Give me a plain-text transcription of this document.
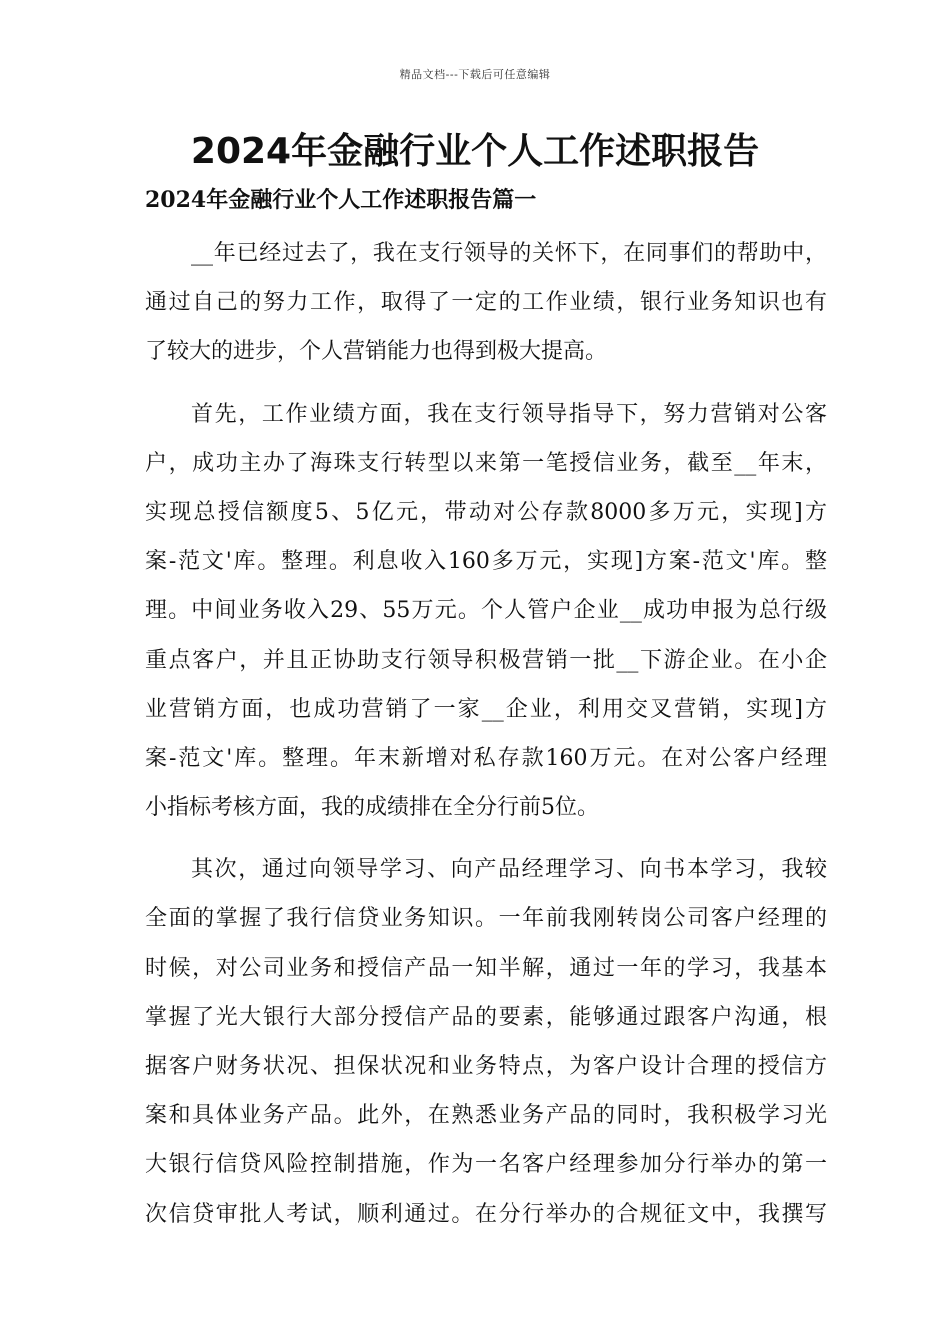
精品文档---下载后可任意编辑
2024年金融行业个人工作述职报告
2024年金融行业个人工作述职报告篇一

__年已经过去了，我在支行领导的关怀下，在同事们的帮助中，
通过自己的努力工作，取得了一定的工作业绩，银行业务知识也有
了较大的进步，个人营销能力也得到极大提高。

首先，工作业绩方面，我在支行领导指导下，努力营销对公客
户，成功主办了海珠支行转型以来第一笔授信业务，截至__年末，
实现总授信额度5、5亿元，带动对公存款8000多万元，实现]方
案-范文'库。整理。利息收入160多万元，实现]方案-范文'库。整
理。中间业务收入29、55万元。个人管户企业__成功申报为总行级
重点客户，并且正协助支行领导积极营销一批__下游企业。在小企
业营销方面，也成功营销了一家__企业，利用交叉营销，实现]方
案-范文'库。整理。年末新增对私存款160万元。在对公客户经理
小指标考核方面，我的成绩排在全分行前5位。

其次，通过向领导学习、向产品经理学习、向书本学习，我较
全面的掌握了我行信贷业务知识。一年前我刚转岗公司客户经理的
时候，对公司业务和授信产品一知半解，通过一年的学习，我基本
掌握了光大银行大部分授信产品的要素，能够通过跟客户沟通，根
据客户财务状况、担保状况和业务特点，为客户设计合理的授信方
案和具体业务产品。此外，在熟悉业务产品的同时，我积极学习光
大银行信贷风险控制措施，作为一名客户经理参加分行举办的第一
次信贷审批人考试，顺利通过。在分行举办的合规征文中，我撰写
